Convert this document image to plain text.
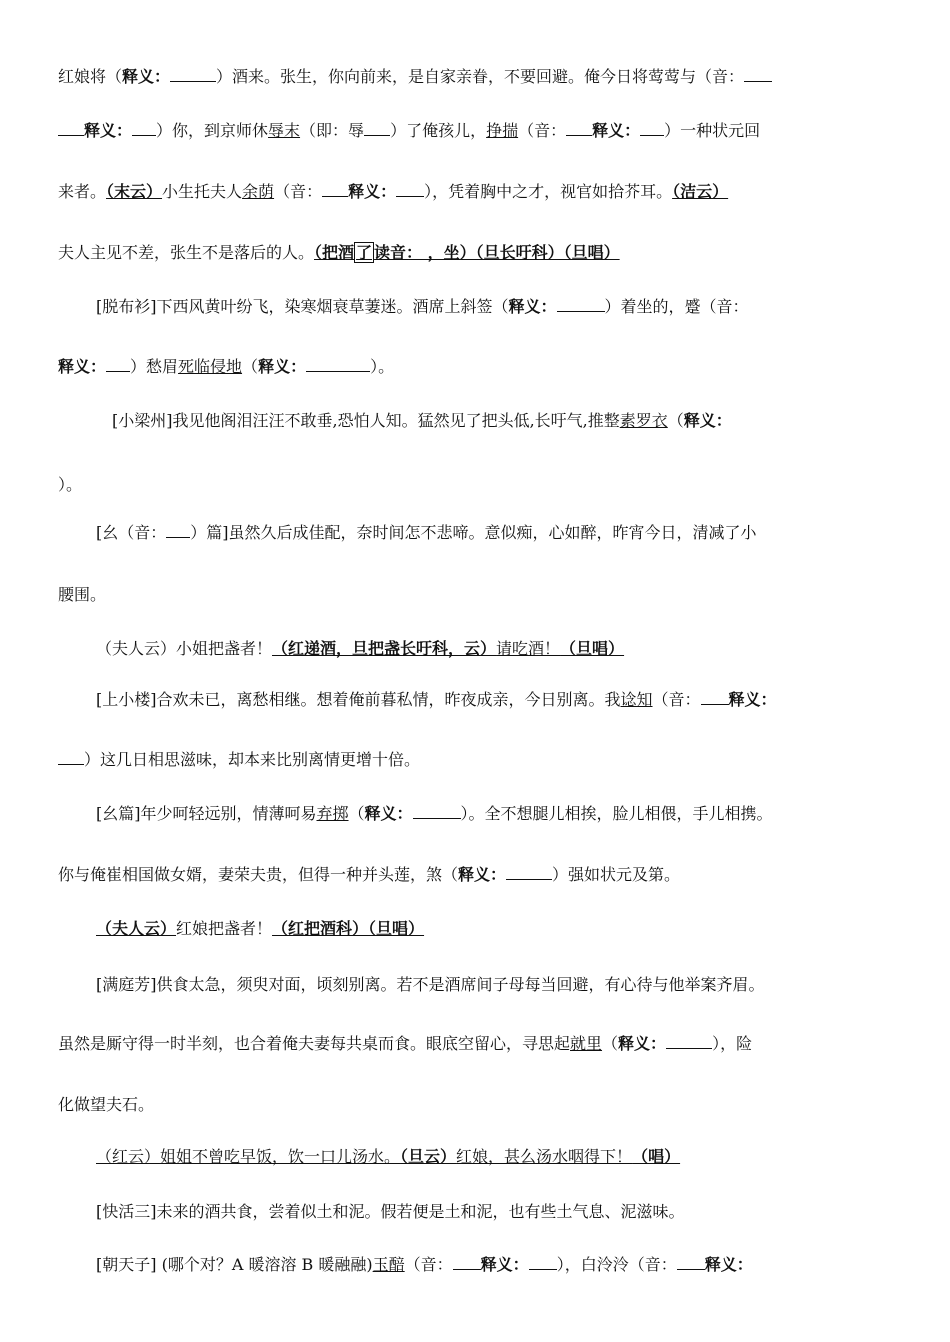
红娘将（释义：	）酒来。张生，你向前来，是自家亲眷，不要回避。俺今日将莺莺与（音：
释义： ）你，到京师休辱末（即：辱 ）了俺孩儿，挣揣（音： 释义： ）一种状元回
来者。（末云）小生托夫人余荫（音： 释义： ），凭着胸中之才，视官如拾芥耳。（洁云）
夫人主见不差，张生不是落后的人。（把酒 了 读音： ，坐）（旦长吁科）（旦唱）
[脱布衫]下西风黄叶纷飞，染寒烟衰草萋迷。酒席上斜签（释义：	）着坐的，蹙（音：
释义： ）愁眉死临侵地（释义：	）。
[小梁州]我见他阁泪汪汪不敢垂,恐怕人知。猛然见了把头低,长吁气,推整素罗衣（释义：
）。
[幺（音： ）篇]虽然久后成佳配，奈时间怎不悲啼。意似痴，心如醉，昨宵今日，清减了小
腰围。
（夫人云）小姐把盏者！（红递酒，旦把盏长吁科，云）请吃酒！（旦唱）
[上小楼]合欢未已，离愁相继。想着俺前暮私情，昨夜成亲，今日别离。我谂知（音： 释义：
）这几日相思滋味，却本来比别离情更增十倍。
[幺篇]年少呵轻远别，情薄呵易弃掷（释义：	）。全不想腿儿相挨，脸儿相偎，手儿相携。
你与俺崔相国做女婿，妻荣夫贵，但得一种并头莲，煞（释义：	）强如状元及第。
（夫人云）红娘把盏者！（红把酒科）（旦唱）
[满庭芳]供食太急，须臾对面，顷刻别离。若不是酒席间子母每当回避，有心待与他举案齐眉。
虽然是厮守得一时半刻，也合着俺夫妻每共桌而食。眼底空留心，寻思起就里（释义：	），险
化做望夫石。
（红云）姐姐不曾吃早饭，饮一口儿汤水。（旦云）红娘，甚么汤水咽得下！（唱）
[快活三]未来的酒共食，尝着似土和泥。假若便是土和泥，也有些土气息、泥滋味。
[朝天子] (哪个对？A 暖溶溶 B 暖融融)玉醅（音： 释义： ），白泠泠（音： 释义：
